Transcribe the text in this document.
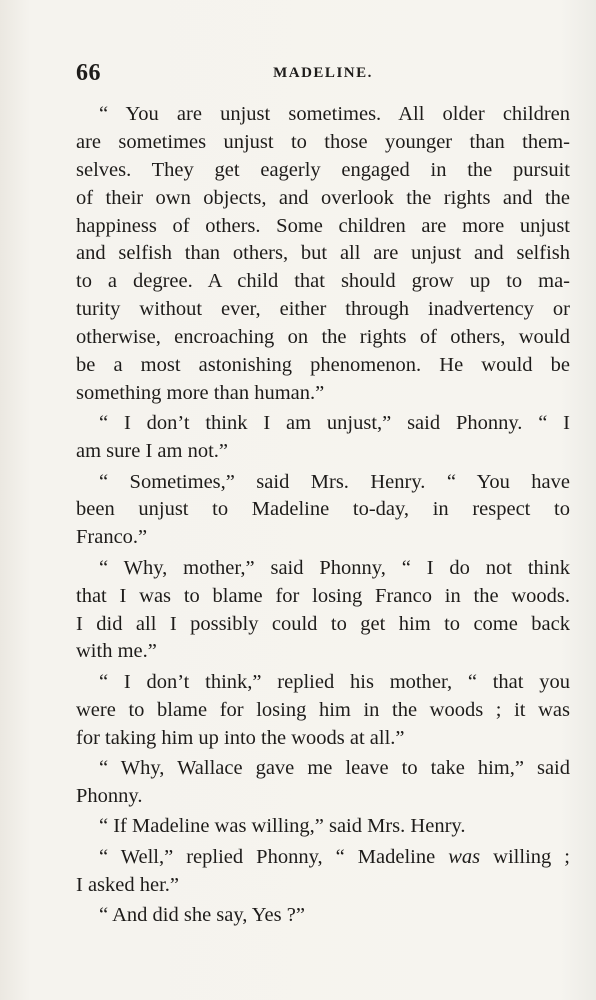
66	MADELINE.
“ You are unjust sometimes. All older children
are sometimes unjust to those younger than them-
selves. They get eagerly engaged in the pursuit
of their own objects, and overlook the rights and the
happiness of others. Some children are more unjust
and selfish than others, but all are unjust and selfish
to a degree. A child that should grow up to ma-
turity without ever, either through inadvertency or
otherwise, encroaching on the rights of others, would
be a most astonishing phenomenon. He would be
something more than human.”
“ I don’t think I am unjust,” said Phonny. “ I
am sure I am not.”
“ Sometimes,” said Mrs. Henry. “ You have
been unjust to Madeline to-day, in respect to
Franco.”
“ Why, mother,” said Phonny, “ I do not think
that I was to blame for losing Franco in the woods.
I did all I possibly could to get him to come back
with me.”
“ I don’t think,” replied his mother, “ that you
were to blame for losing him in the woods ; it was
for taking him up into the woods at all.”
“ Why, Wallace gave me leave to take him,” said
Phonny.
“ If Madeline was willing,” said Mrs. Henry.
“ Well,” replied Phonny, “ Madeline was willing ;
I asked her.”
“ And did she say, Yes ?”
